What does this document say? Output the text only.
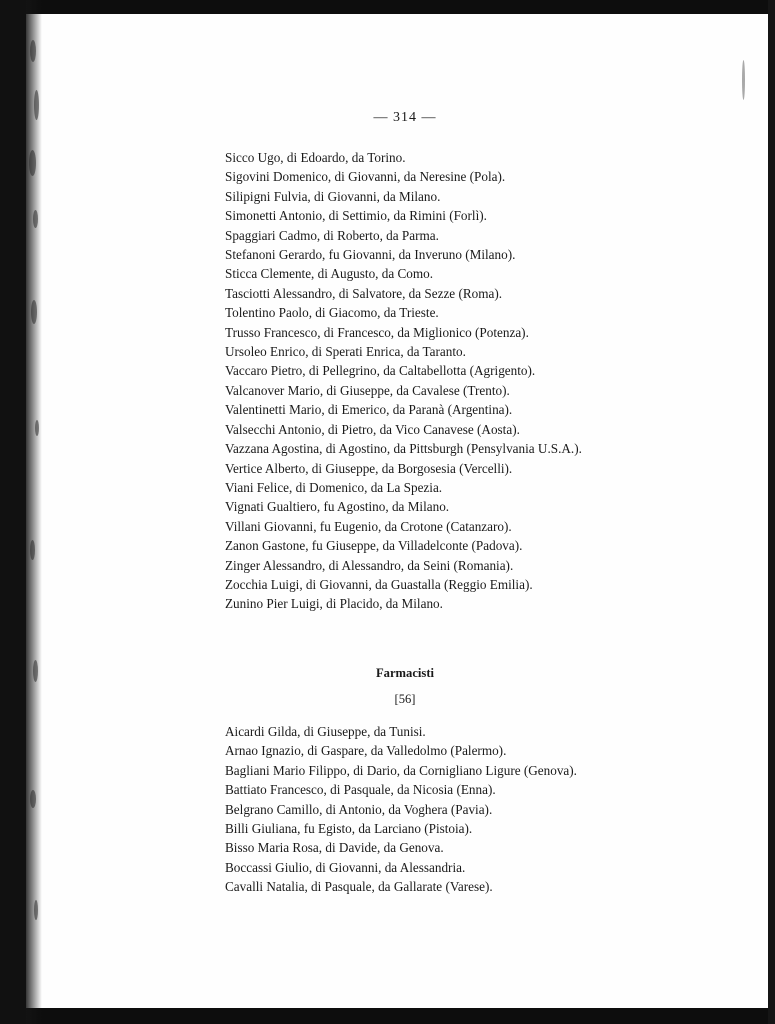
— 314 —
Sicco Ugo, di Edoardo, da Torino.
Sigovini Domenico, di Giovanni, da Neresine (Pola).
Silipigni Fulvia, di Giovanni, da Milano.
Simonetti Antonio, di Settimio, da Rimini (Forlì).
Spaggiari Cadmo, di Roberto, da Parma.
Stefanoni Gerardo, fu Giovanni, da Inveruno (Milano).
Sticca Clemente, di Augusto, da Como.
Tasciotti Alessandro, di Salvatore, da Sezze (Roma).
Tolentino Paolo, di Giacomo, da Trieste.
Trusso Francesco, di Francesco, da Miglionico (Potenza).
Ursoleo Enrico, di Sperati Enrica, da Taranto.
Vaccaro Pietro, di Pellegrino, da Caltabellotta (Agrigento).
Valcanover Mario, di Giuseppe, da Cavalese (Trento).
Valentinetti Mario, di Emerico, da Paranà (Argentina).
Valsecchi Antonio, di Pietro, da Vico Canavese (Aosta).
Vazzana Agostina, di Agostino, da Pittsburgh (Pensylvania U.S.A.).
Vertice Alberto, di Giuseppe, da Borgosesia (Vercelli).
Viani Felice, di Domenico, da La Spezia.
Vignati Gualtiero, fu Agostino, da Milano.
Villani Giovanni, fu Eugenio, da Crotone (Catanzaro).
Zanon Gastone, fu Giuseppe, da Villadelconte (Padova).
Zinger Alessandro, di Alessandro, da Seini (Romania).
Zocchia Luigi, di Giovanni, da Guastalla (Reggio Emilia).
Zunino Pier Luigi, di Placido, da Milano.
Farmacisti
[56]
Aicardi Gilda, di Giuseppe, da Tunisi.
Arnao Ignazio, di Gaspare, da Valledolmo (Palermo).
Bagliani Mario Filippo, di Dario, da Cornigliano Ligure (Genova).
Battiato Francesco, di Pasquale, da Nicosia (Enna).
Belgrano Camillo, di Antonio, da Voghera (Pavia).
Billi Giuliana, fu Egisto, da Larciano (Pistoia).
Bisso Maria Rosa, di Davide, da Genova.
Boccassi Giulio, di Giovanni, da Alessandria.
Cavalli Natalia, di Pasquale, da Gallarate (Varese).
